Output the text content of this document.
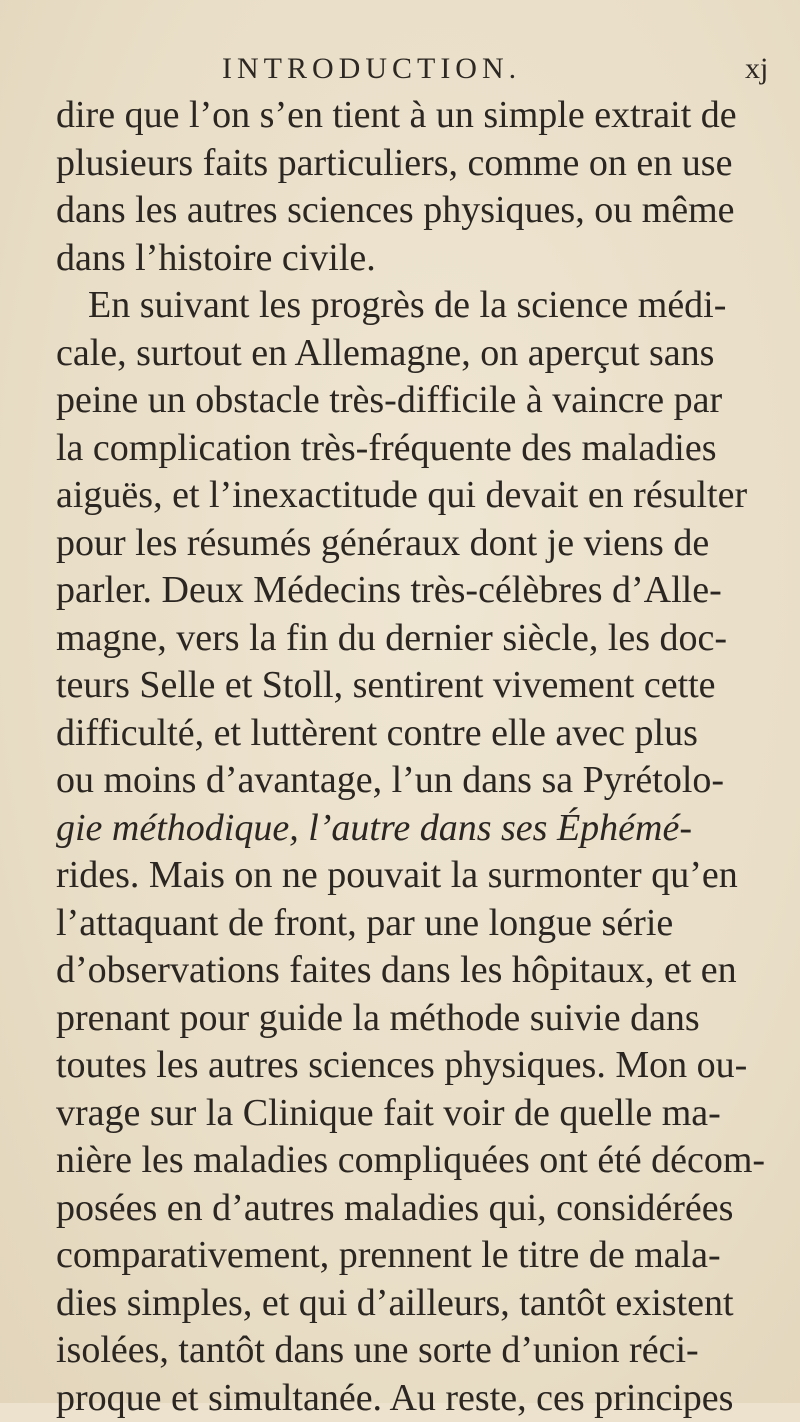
INTRODUCTION.	xj
dire que l’on s’en tient à un simple extrait de
plusieurs faits particuliers, comme on en use
dans les autres sciences physiques, ou même
dans l’histoire civile.
En suivant les progrès de la science médi-
cale, surtout en Allemagne, on aperçut sans
peine un obstacle très-difficile à vaincre par
la complication très-fréquente des maladies
aiguës, et l’inexactitude qui devait en résulter
pour les résumés généraux dont je viens de
parler. Deux Médecins très-célèbres d’Alle-
magne, vers la fin du dernier siècle, les doc-
teurs Selle et Stoll, sentirent vivement cette
difficulté, et luttèrent contre elle avec plus
ou moins d’avantage, l’un dans sa Pyrétolo-
gie méthodique, l’autre dans ses Éphémé-
rides. Mais on ne pouvait la surmonter qu’en
l’attaquant de front, par une longue série
d’observations faites dans les hôpitaux, et en
prenant pour guide la méthode suivie dans
toutes les autres sciences physiques. Mon ou-
vrage sur la Clinique fait voir de quelle ma-
nière les maladies compliquées ont été décom-
posées en d’autres maladies qui, considérées
comparativement, prennent le titre de mala-
dies simples, et qui d’ailleurs, tantôt existent
isolées, tantôt dans une sorte d’union réci-
proque et simultanée. Au reste, ces principes
